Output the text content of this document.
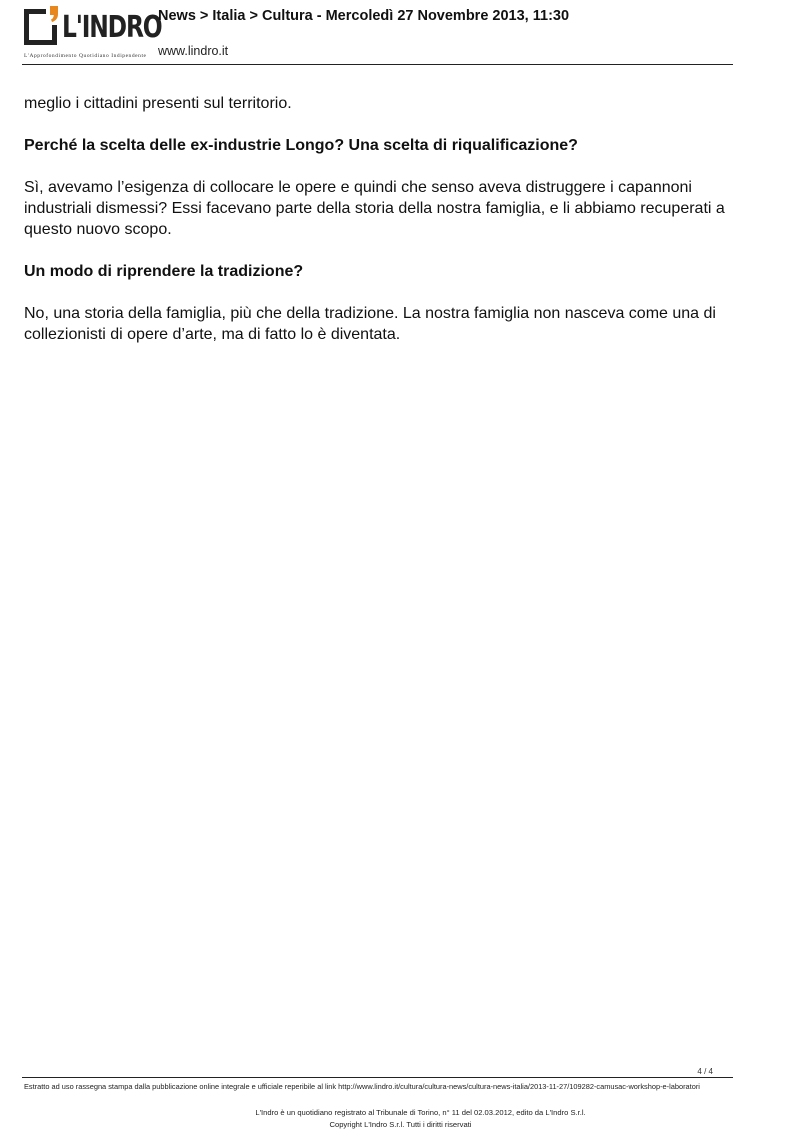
L'INDRO
L'Approfondimento Quotidiano Indipendente
News > Italia > Cultura - Mercoledì 27 Novembre 2013, 11:30
www.lindro.it

meglio i cittadini presenti sul territorio.

Perché la scelta delle ex-industrie Longo? Una scelta di riqualificazione?

Sì, avevamo l’esigenza di collocare le opere e quindi che senso aveva distruggere i capannoni industriali dismessi? Essi facevano parte della storia della nostra famiglia, e li abbiamo recuperati a questo nuovo scopo.

Un modo di riprendere la tradizione?

No, una storia della famiglia, più che della tradizione. La nostra famiglia non nasceva come una di collezionisti di opere d’arte, ma di fatto lo è diventata.

4 / 4
Estratto ad uso rassegna stampa dalla pubblicazione online integrale e ufficiale reperibile al link http://www.lindro.it/cultura/cultura-news/cultura-news-italia/2013-11-27/109282-camusac-workshop-e-laboratori
L'Indro è un quotidiano registrato al Tribunale di Torino, n° 11 del 02.03.2012, edito da L'Indro S.r.l.
Copyright L'Indro S.r.l. Tutti i diritti riservati
